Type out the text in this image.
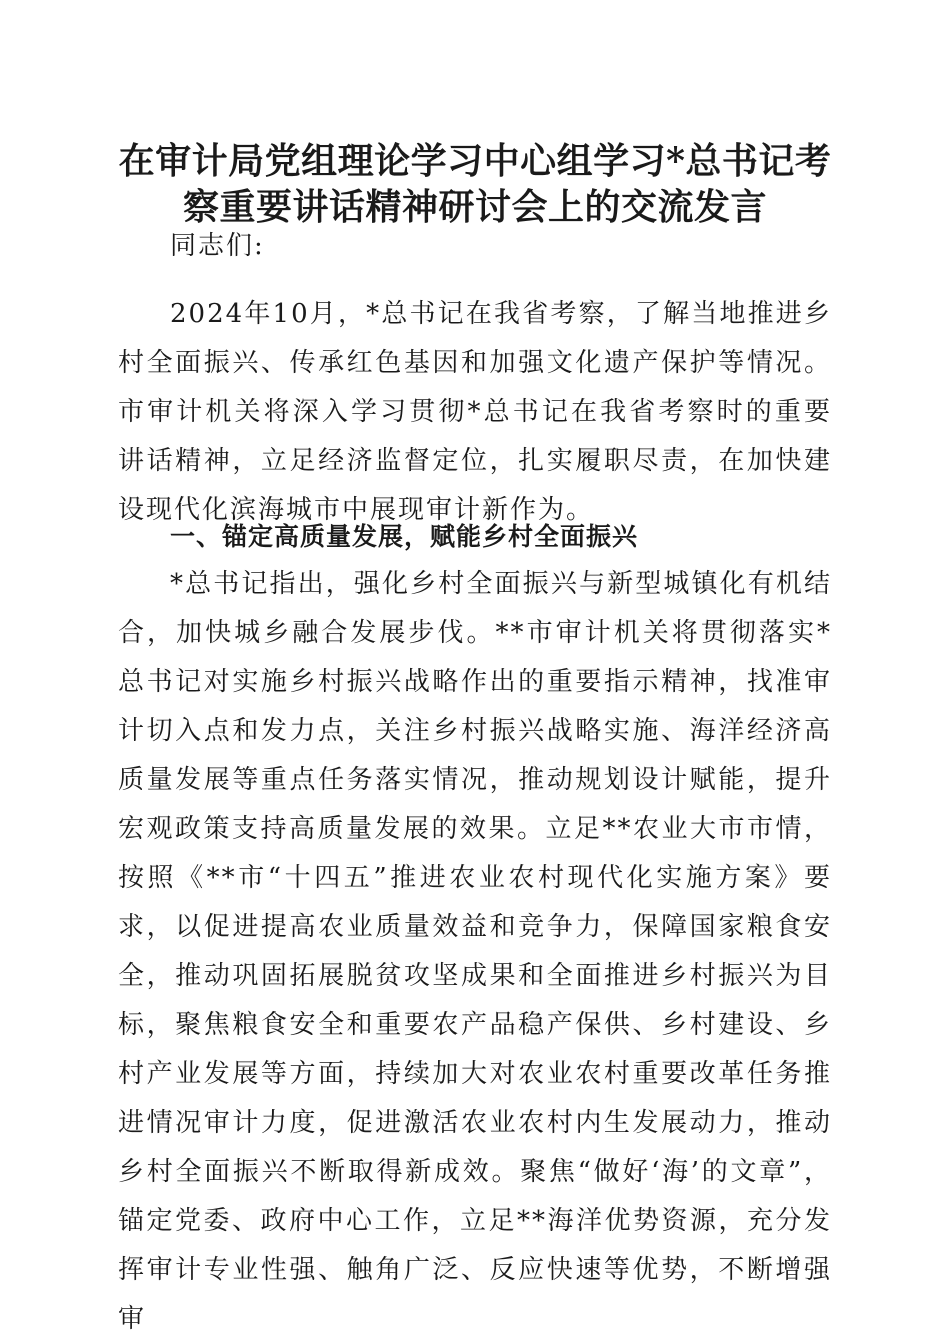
在审计局党组理论学习中心组学习*总书记考
察重要讲话精神研讨会上的交流发言

同志们:

2024年10月，*总书记在我省考察，了解当地推进乡村全面振兴、传承红色基因和加强文化遗产保护等情况。市审计机关将深入学习贯彻*总书记在我省考察时的重要讲话精神，立足经济监督定位，扎实履职尽责，在加快建设现代化滨海城市中展现审计新作为。

一、锚定高质量发展，赋能乡村全面振兴

*总书记指出，强化乡村全面振兴与新型城镇化有机结合，加快城乡融合发展步伐。**市审计机关将贯彻落实*总书记对实施乡村振兴战略作出的重要指示精神，找准审计切入点和发力点，关注乡村振兴战略实施、海洋经济高质量发展等重点任务落实情况，推动规划设计赋能，提升宏观政策支持高质量发展的效果。立足**农业大市市情，按照《**市“十四五”推进农业农村现代化实施方案》要求，以促进提高农业质量效益和竞争力，保障国家粮食安全，推动巩固拓展脱贫攻坚成果和全面推进乡村振兴为目标，聚焦粮食安全和重要农产品稳产保供、乡村建设、乡村产业发展等方面，持续加大对农业农村重要改革任务推进情况审计力度，促进激活农业农村内生发展动力，推动乡村全面振兴不断取得新成效。聚焦“做好‘海’的文章”，锚定党委、政府中心工作，立足**海洋优势资源，充分发挥审计专业性强、触角广泛、反应快速等优势，不断增强审
